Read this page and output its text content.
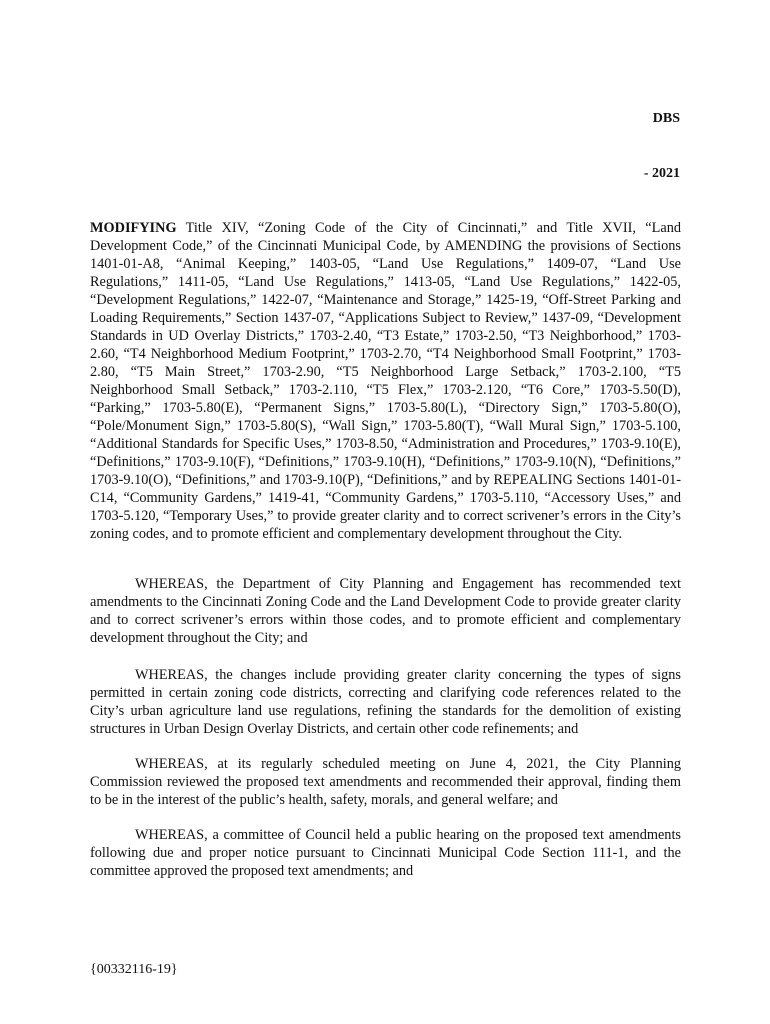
DBS
- 2021
MODIFYING Title XIV, “Zoning Code of the City of Cincinnati,” and Title XVII, “Land Development Code,” of the Cincinnati Municipal Code, by AMENDING the provisions of Sections 1401-01-A8, “Animal Keeping,” 1403-05, “Land Use Regulations,” 1409-07, “Land Use Regulations,” 1411-05, “Land Use Regulations,” 1413-05, “Land Use Regulations,” 1422-05, “Development Regulations,” 1422-07, “Maintenance and Storage,” 1425-19, “Off-Street Parking and Loading Requirements,” Section 1437-07, “Applications Subject to Review,” 1437-09, “Development Standards in UD Overlay Districts,” 1703-2.40, “T3 Estate,” 1703-2.50, “T3 Neighborhood,” 1703-2.60, “T4 Neighborhood Medium Footprint,” 1703-2.70, “T4 Neighborhood Small Footprint,” 1703-2.80, “T5 Main Street,” 1703-2.90, “T5 Neighborhood Large Setback,” 1703-2.100, “T5 Neighborhood Small Setback,” 1703-2.110, “T5 Flex,” 1703-2.120, “T6 Core,” 1703-5.50(D), “Parking,” 1703-5.80(E), “Permanent Signs,” 1703-5.80(L), “Directory Sign,” 1703-5.80(O), “Pole/Monument Sign,” 1703-5.80(S), “Wall Sign,” 1703-5.80(T), “Wall Mural Sign,” 1703-5.100, “Additional Standards for Specific Uses,” 1703-8.50, “Administration and Procedures,” 1703-9.10(E), “Definitions,” 1703-9.10(F), “Definitions,” 1703-9.10(H), “Definitions,” 1703-9.10(N), “Definitions,” 1703-9.10(O), “Definitions,” and 1703-9.10(P), “Definitions,” and by REPEALING Sections 1401-01-C14, “Community Gardens,” 1419-41, “Community Gardens,” 1703-5.110, “Accessory Uses,” and 1703-5.120, “Temporary Uses,” to provide greater clarity and to correct scrivener’s errors in the City’s zoning codes, and to promote efficient and complementary development throughout the City.
WHEREAS, the Department of City Planning and Engagement has recommended text amendments to the Cincinnati Zoning Code and the Land Development Code to provide greater clarity and to correct scrivener’s errors within those codes, and to promote efficient and complementary development throughout the City; and
WHEREAS, the changes include providing greater clarity concerning the types of signs permitted in certain zoning code districts, correcting and clarifying code references related to the City’s urban agriculture land use regulations, refining the standards for the demolition of existing structures in Urban Design Overlay Districts, and certain other code refinements; and
WHEREAS, at its regularly scheduled meeting on June 4, 2021, the City Planning Commission reviewed the proposed text amendments and recommended their approval, finding them to be in the interest of the public’s health, safety, morals, and general welfare; and
WHEREAS, a committee of Council held a public hearing on the proposed text amendments following due and proper notice pursuant to Cincinnati Municipal Code Section 111-1, and the committee approved the proposed text amendments; and
{00332116-19}
